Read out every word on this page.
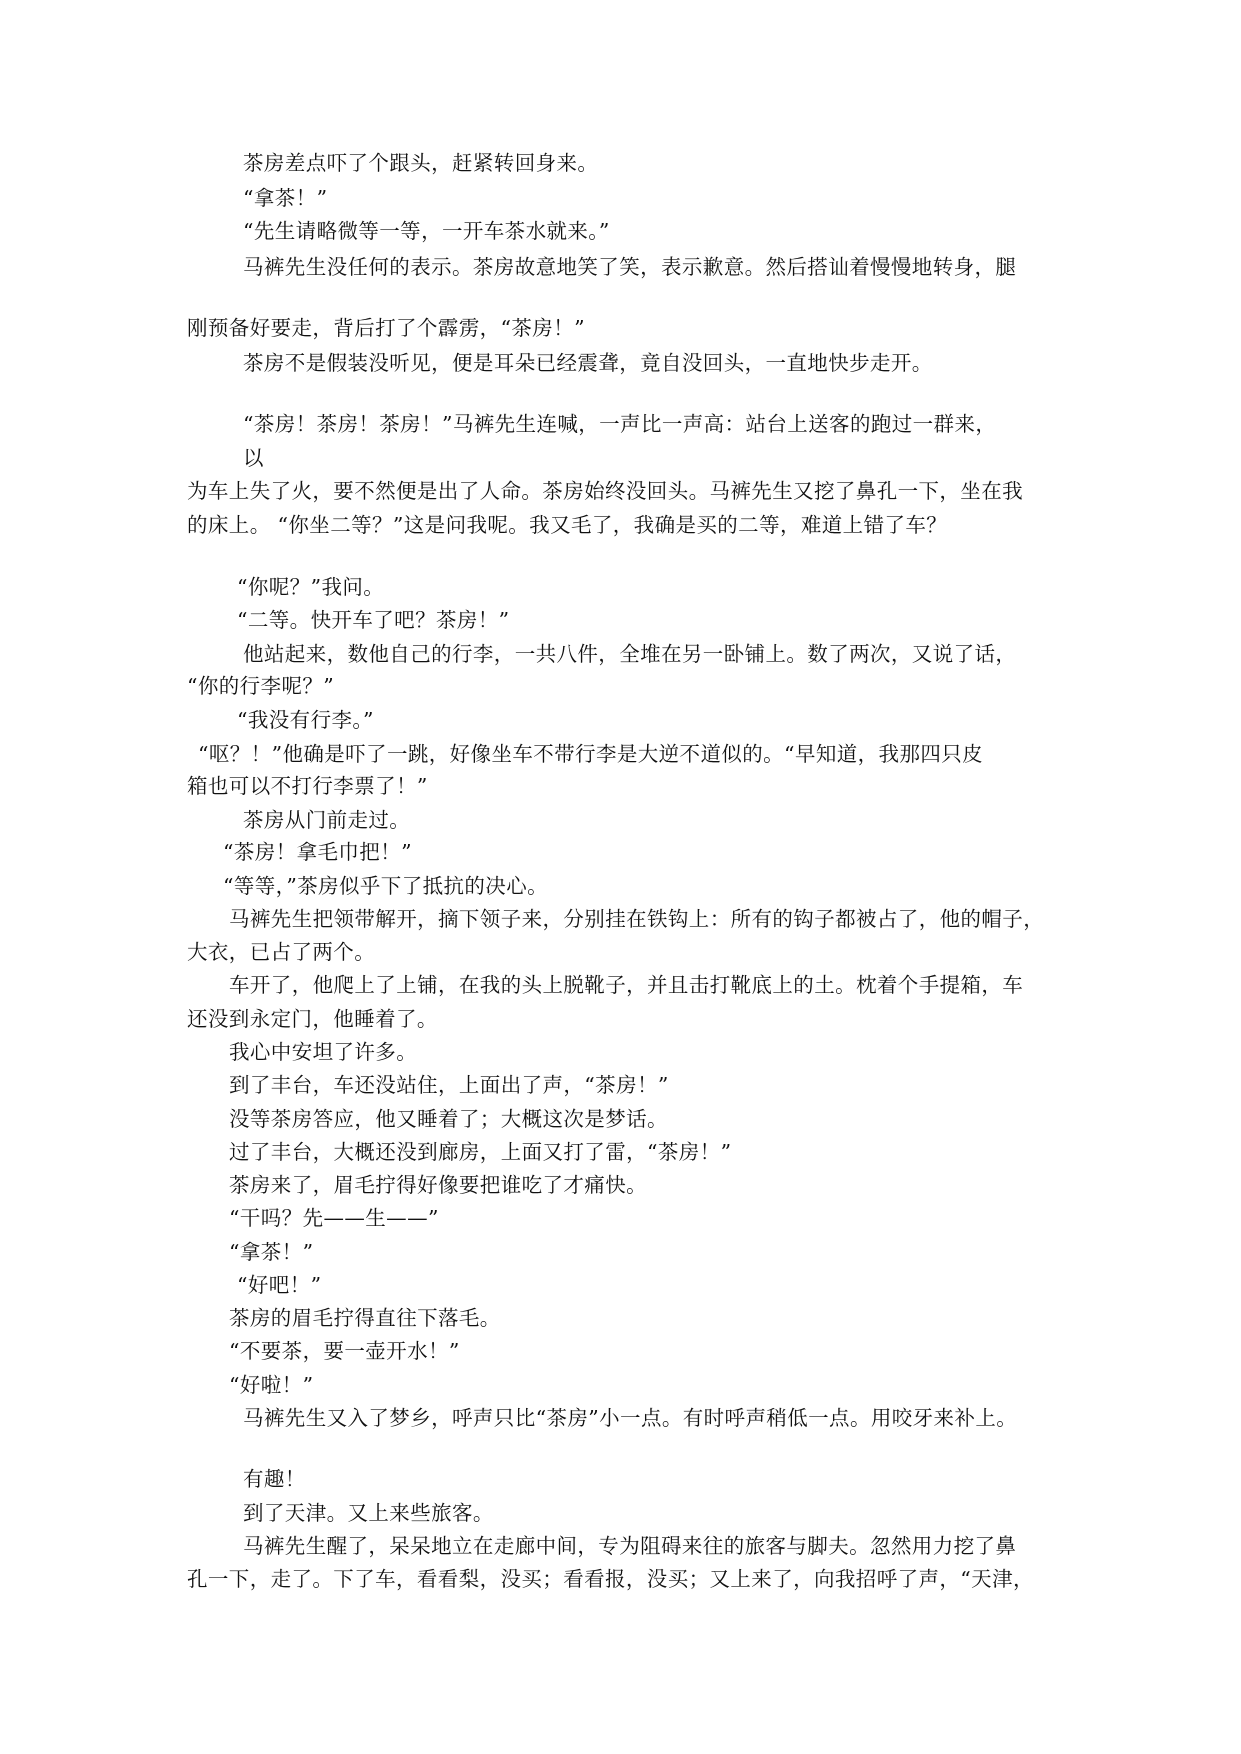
茶房差点吓了个跟头，赶紧转回身来。
“拿茶！”
“先生请略微等一等，一开车茶水就来。”
马裤先生没任何的表示。茶房故意地笑了笑，表示歉意。然后搭讪着慢慢地转身，腿
刚预备好要走，背后打了个霹雳，“茶房！”
茶房不是假装没听见，便是耳朵已经震聋，竟自没回头，一直地快步走开。
“茶房！茶房！茶房！”马裤先生连喊，一声比一声高：站台上送客的跑过一群来，
以
为车上失了火，要不然便是出了人命。茶房始终没回头。马裤先生又挖了鼻孔一下，坐在我
的床上。 “你坐二等？”这是问我呢。我又毛了，我确是买的二等，难道上错了车？
“你呢？”我问。
“二等。快开车了吧？茶房！”
他站起来，数他自己的行李，一共八件，全堆在另一卧铺上。数了两次，又说了话，
“你的行李呢？”
“我没有行李。”
“呕？！”他确是吓了一跳，好像坐车不带行李是大逆不道似的。“早知道，我那四只皮
箱也可以不打行李票了！”
茶房从门前走过。
“茶房！拿毛巾把！”
“等等，”茶房似乎下了抵抗的决心。
马裤先生把领带解开，摘下领子来，分别挂在铁钩上：所有的钩子都被占了，他的帽子，
大衣，已占了两个。
车开了，他爬上了上铺，在我的头上脱靴子，并且击打靴底上的土。枕着个手提箱，车
还没到永定门，他睡着了。
我心中安坦了许多。
到了丰台，车还没站住，上面出了声，“茶房！”
没等茶房答应，他又睡着了；大概这次是梦话。
过了丰台，大概还没到廊房，上面又打了雷，“茶房！”
茶房来了，眉毛拧得好像要把谁吃了才痛快。
“干吗？先——生——”
“拿茶！”
“好吧！”
茶房的眉毛拧得直往下落毛。
“不要茶，要一壶开水！”
“好啦！”
马裤先生又入了梦乡，呼声只比“茶房”小一点。有时呼声稍低一点。用咬牙来补上。
有趣！
到了天津。又上来些旅客。
马裤先生醒了，呆呆地立在走廊中间，专为阻碍来往的旅客与脚夫。忽然用力挖了鼻
孔一下，走了。下了车，看看梨，没买；看看报，没买；又上来了，向我招呼了声，“天津，
